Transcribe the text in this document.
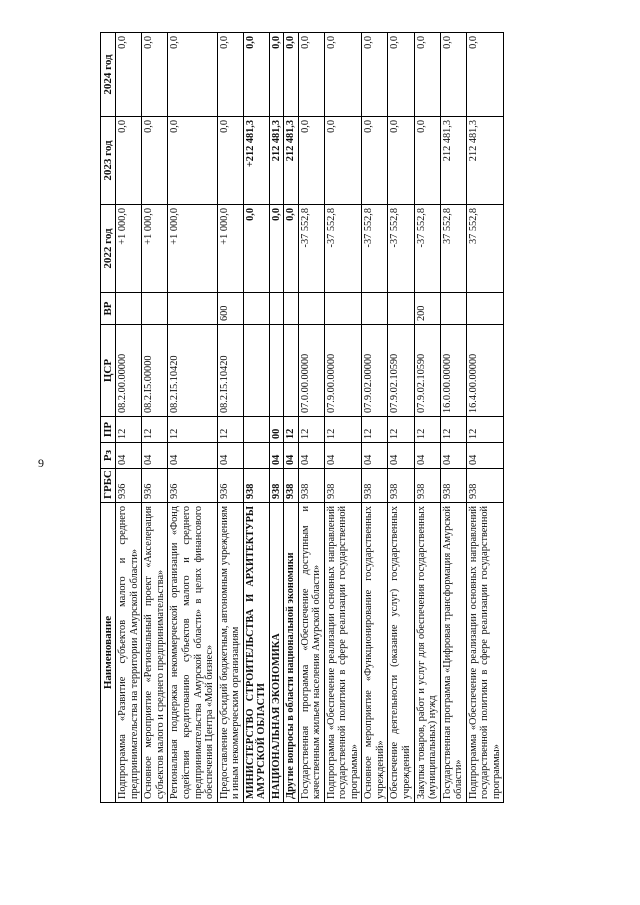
9
Наименование	ГРБС	Рз	ПР	ЦСР	ВР	2022 год	2023 год	2024 год
Подпрограмма «Развитие субъектов малого и среднего предпринимательства на территории Амурской области»	936	04	12	08.2.00.00000		+1 000,0	0,0	0,0
Основное мероприятие «Региональный проект «Акселерация субъектов малого и среднего предпринимательства»	936	04	12	08.2.I5.00000		+1 000,0	0,0	0,0
Региональная поддержка некоммерческой организации «Фонд содействия кредитованию субъектов малого и среднего предпринимательства Амурской области» в целях финансового обеспечения Центра «Мой бизнес»	936	04	12	08.2.I5.10420		+1 000,0	0,0	0,0
Предоставление субсидий бюджетным, автономным учреждениям и иным некоммерческим организациям	936	04	12	08.2.I5.10420	600	+1 000,0	0,0	0,0
МИНИСТЕРСТВО СТРОИТЕЛЬСТВА И АРХИТЕКТУРЫ АМУРСКОЙ ОБЛАСТИ	938					0,0	+212 481,3	0,0
НАЦИОНАЛЬНАЯ ЭКОНОМИКА	938	04	00			0,0	212 481,3	0,0
Другие вопросы в области национальной экономики	938	04	12			0,0	212 481,3	0,0
Государственная программа «Обеспечение доступным и качественным жильем населения Амурской области»	938	04	12	07.0.00.00000		-37 552,8	0,0	0,0
Подпрограмма «Обеспечение реализации основных направлений государственной политики в сфере реализации государственной программы»	938	04	12	07.9.00.00000		-37 552,8	0,0	0,0
Основное мероприятие «Функционирование государственных учреждений»	938	04	12	07.9.02.00000		-37 552,8	0,0	0,0
Обеспечение деятельности (оказание услуг) государственных учреждений	938	04	12	07.9.02.10590		-37 552,8	0,0	0,0
Закупка товаров, работ и услуг для обеспечения государственных (муниципальных) нужд	938	04	12	07.9.02.10590	200	-37 552,8	0,0	0,0
Государственная программа «Цифровая трансформация Амурской области»	938	04	12	16.0.00.00000		37 552,8	212 481,3	0,0
Подпрограмма «Обеспечение реализации основных направлений государственной политики в сфере реализации государственной программы»	938	04	12	16.4.00.00000		37 552,8	212 481,3	0,0
